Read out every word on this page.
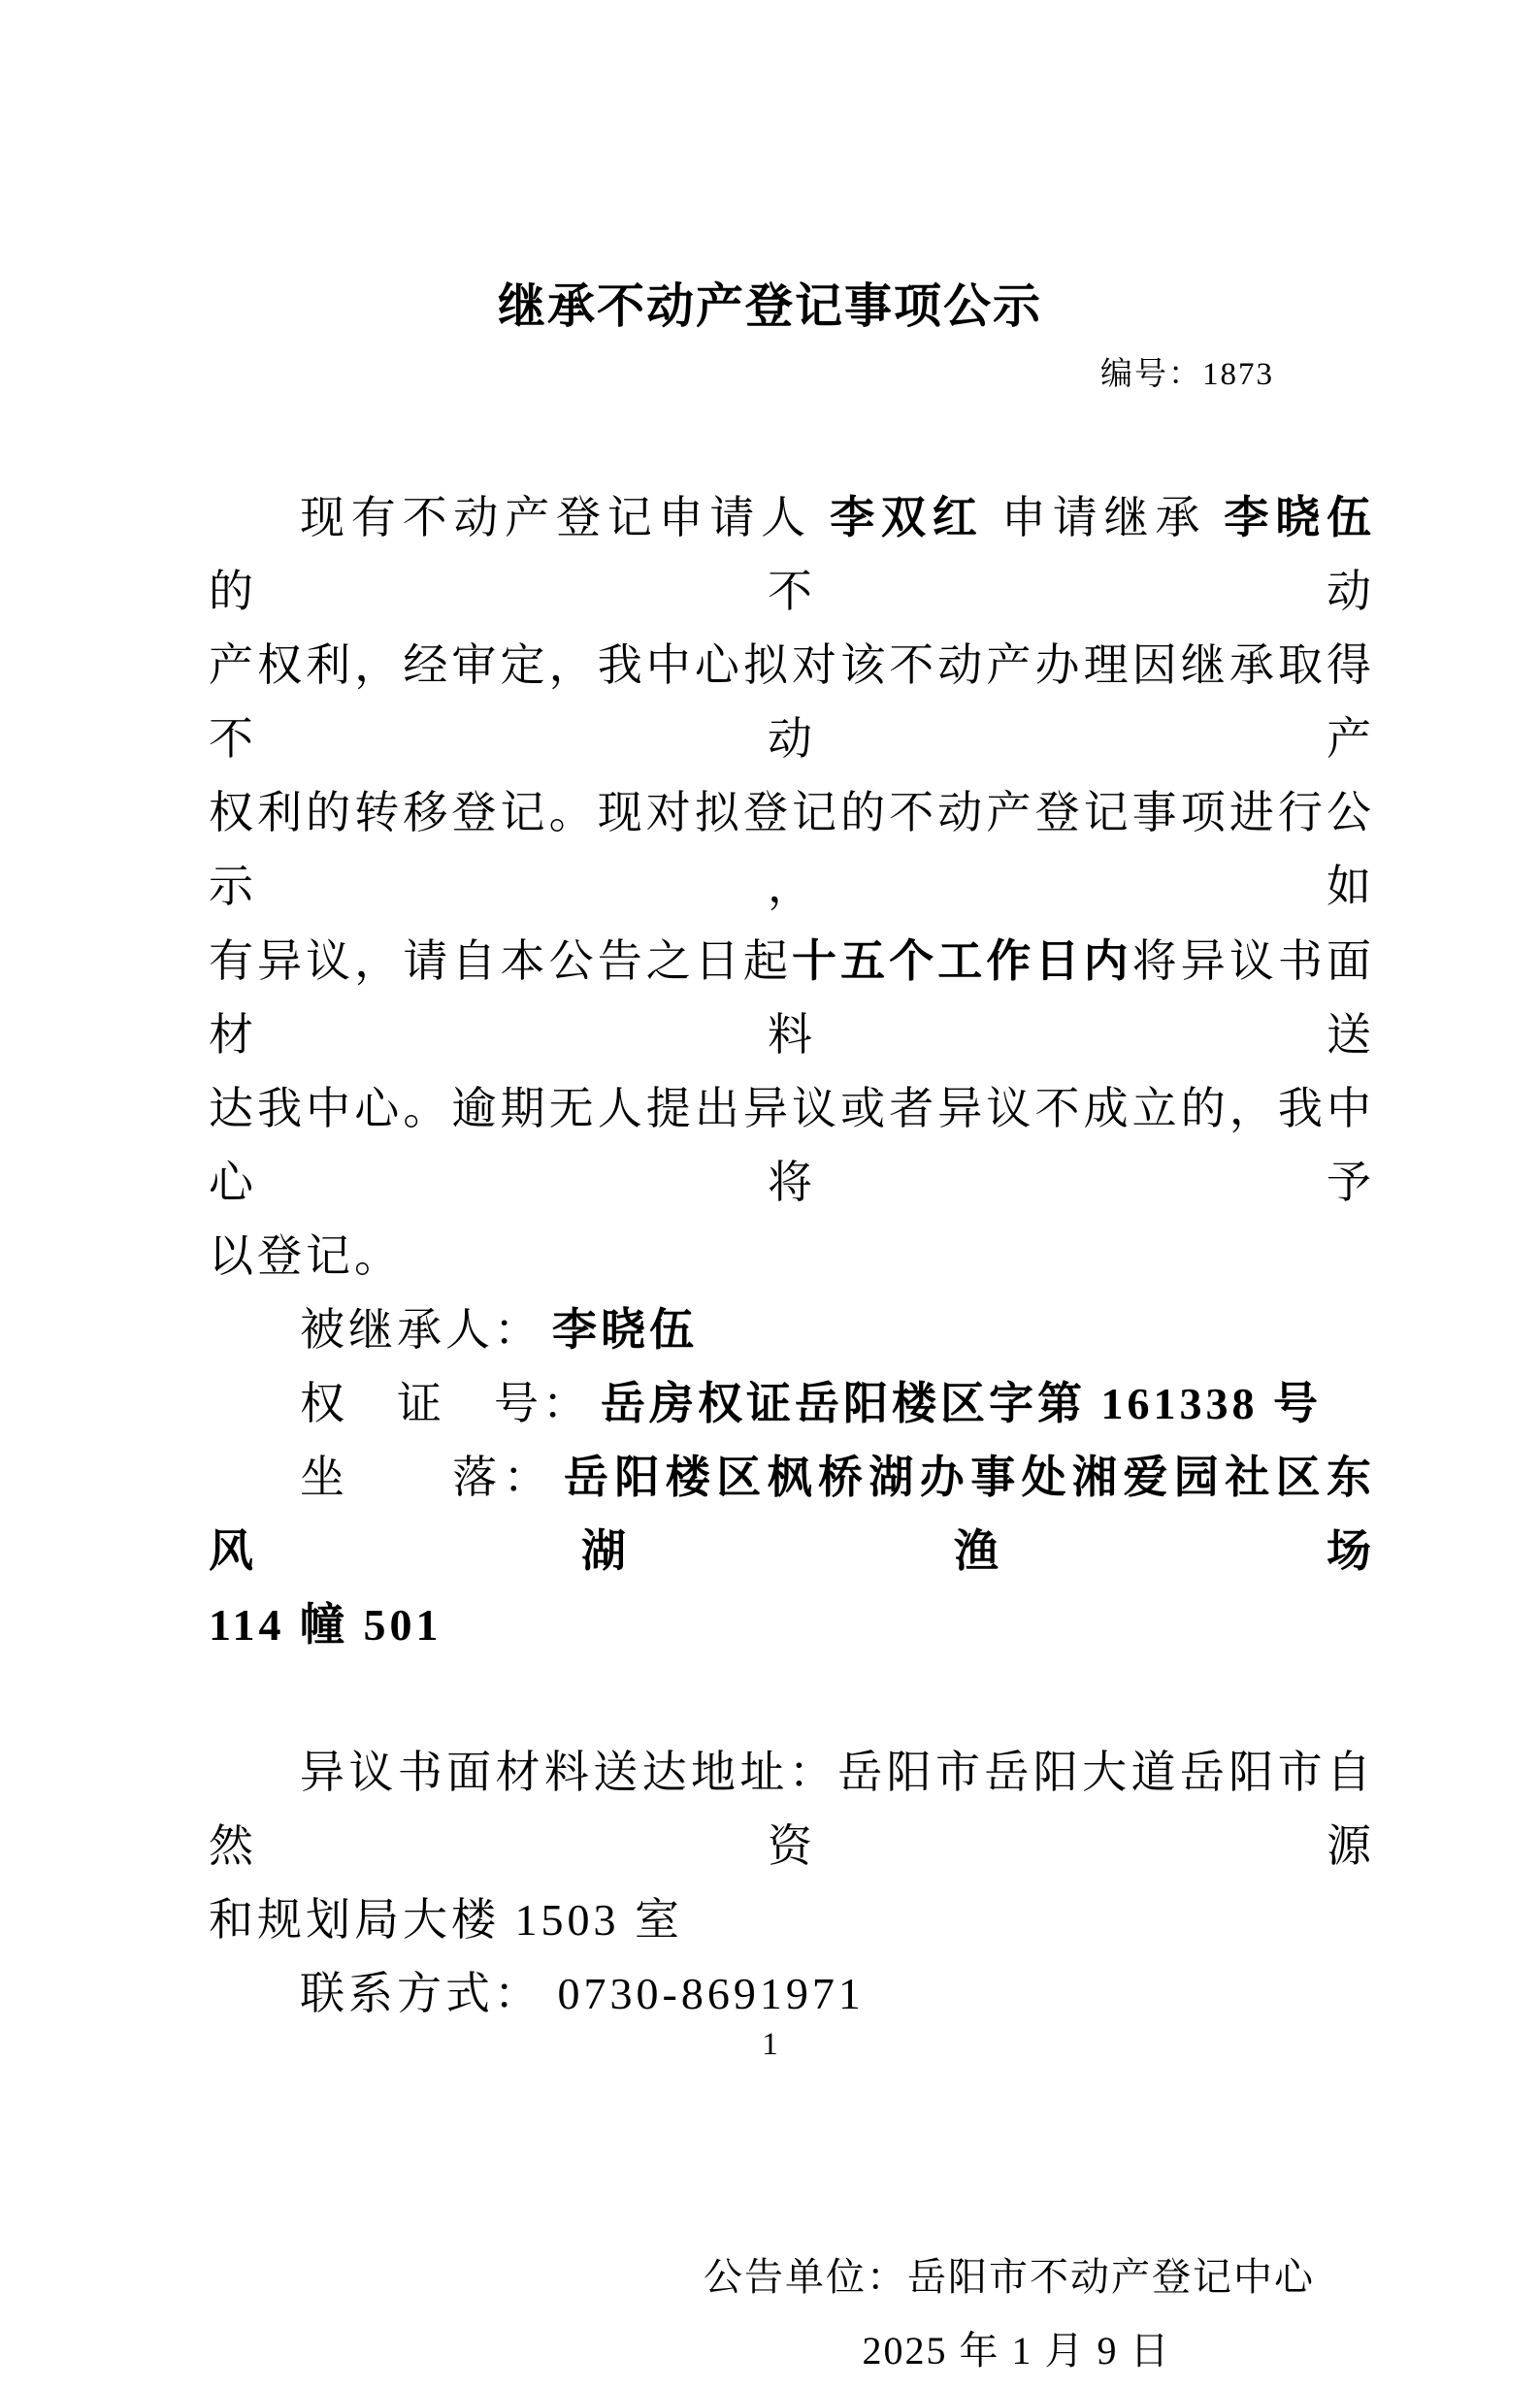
继承不动产登记事项公示
编号：1873
现有不动产登记申请人 李双红 申请继承 李晓伍 的不动
产权利，经审定，我中心拟对该不动产办理因继承取得不动产
权利的转移登记。现对拟登记的不动产登记事项进行公示，如
有异议，请自本公告之日起十五个工作日内将异议书面材料送
达我中心。逾期无人提出异议或者异议不成立的，我中心将予
以登记。
被继承人： 李晓伍
权　证　号： 岳房权证岳阳楼区字第 161338 号
坐　　落： 岳阳楼区枫桥湖办事处湘爱园社区东风湖渔场
114 幢 501
异议书面材料送达地址：岳阳市岳阳大道岳阳市自然资源
和规划局大楼 1503 室
联系方式： 0730-8691971
公告单位：岳阳市不动产登记中心
2025 年 1 月 9 日
1
